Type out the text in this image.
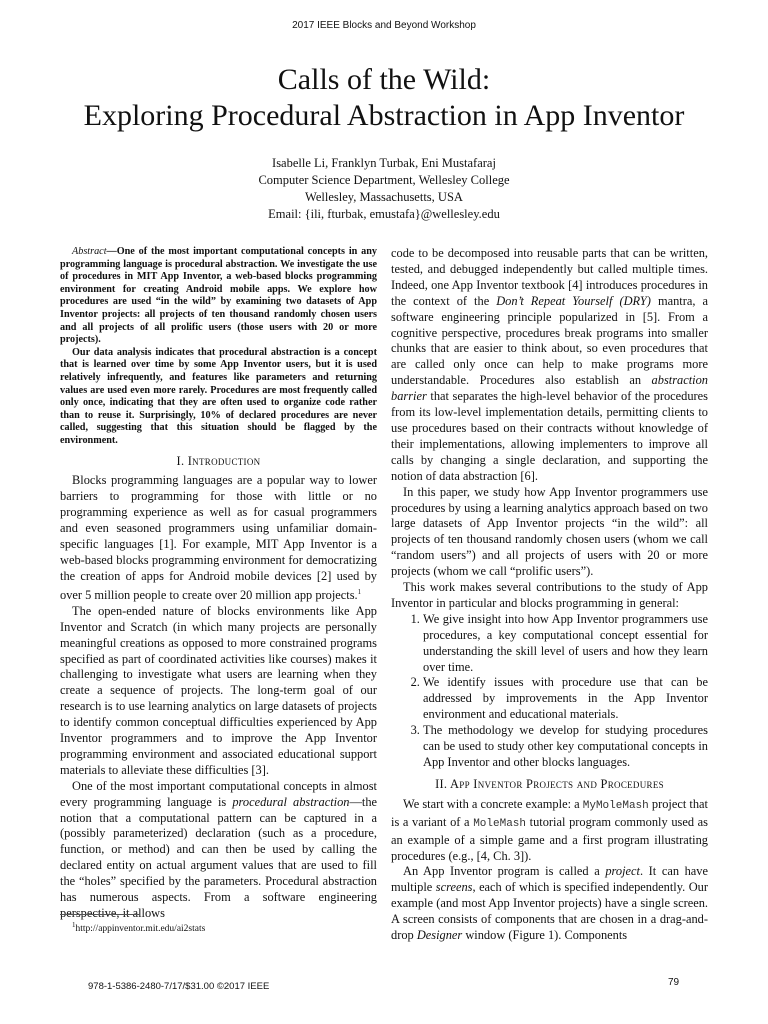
2017 IEEE Blocks and Beyond Workshop
Calls of the Wild:
Exploring Procedural Abstraction in App Inventor
Isabelle Li, Franklyn Turbak, Eni Mustafaraj
Computer Science Department, Wellesley College
Wellesley, Massachusetts, USA
Email: {ili, fturbak, emustafa}@wellesley.edu

Abstract—One of the most important computational concepts in any programming language is procedural abstraction. We investigate the use of procedures in MIT App Inventor, a web-based blocks programming environment for creating Android mobile apps. We explore how procedures are used “in the wild” by examining two datasets of App Inventor projects: all projects of ten thousand randomly chosen users and all projects of all prolific users (those users with 20 or more projects).

Our data analysis indicates that procedural abstraction is a concept that is learned over time by some App Inventor users, but it is used relatively infrequently, and features like parameters and returning values are used even more rarely. Procedures are most frequently called only once, indicating that they are often used to organize code rather than to reuse it. Surprisingly, 10% of declared procedures are never called, suggesting that this situation should be flagged by the environment.

I. Introduction

Blocks programming languages are a popular way to lower barriers to programming for those with little or no programming experience as well as for casual programmers and even seasoned programmers using unfamiliar domain-specific languages [1]. For example, MIT App Inventor is a web-based blocks programming environment for democratizing the creation of apps for Android mobile devices [2] used by over 5 million people to create over 20 million app projects.$^1$

The open-ended nature of blocks environments like App Inventor and Scratch (in which many projects are personally meaningful creations as opposed to more constrained programs specified as part of coordinated activities like courses) makes it challenging to investigate what users are learning when they create a sequence of projects. The long-term goal of our research is to use learning analytics on large datasets of projects to identify common conceptual difficulties experienced by App Inventor programmers and to improve the App Inventor programming environment and associated educational support materials to alleviate these difficulties [3].

One of the most important computational concepts in almost every programming language is procedural abstraction—the notion that a computational pattern can be captured in a (possibly parameterized) declaration (such as a procedure, function, or method) and can then be used by calling the declared entity on actual argument values that are used to fill the “holes” specified by the parameters. Procedural abstraction has numerous aspects. From a software engineering perspective, it allows

$^1$http://appinventor.mit.edu/ai2stats

code to be decomposed into reusable parts that can be written, tested, and debugged independently but called multiple times. Indeed, one App Inventor textbook [4] introduces procedures in the context of the Don’t Repeat Yourself (DRY) mantra, a software engineering principle popularized in [5]. From a cognitive perspective, procedures break programs into smaller chunks that are easier to think about, so even procedures that are called only once can help to make programs more understandable. Procedures also establish an abstraction barrier that separates the high-level behavior of the procedures from its low-level implementation details, permitting clients to use procedures based on their contracts without knowledge of their implementations, allowing implementers to improve all calls by changing a single declaration, and supporting the notion of data abstraction [6].

In this paper, we study how App Inventor programmers use procedures by using a learning analytics approach based on two large datasets of App Inventor projects “in the wild”: all projects of ten thousand randomly chosen users (whom we call “random users”) and all projects of users with 20 or more projects (whom we call “prolific users”).

This work makes several contributions to the study of App Inventor in particular and blocks programming in general:

1. We give insight into how App Inventor programmers use procedures, a key computational concept essential for understanding the skill level of users and how they learn over time.
2. We identify issues with procedure use that can be addressed by improvements in the App Inventor environment and educational materials.
3. The methodology we develop for studying procedures can be used to study other key computational concepts in App Inventor and other blocks languages.
II. App Inventor Projects and Procedures

We start with a concrete example: a MyMoleMash project that is a variant of a MoleMash tutorial program commonly used as an example of a simple game and a first program illustrating procedures (e.g., [4, Ch. 3]).

An App Inventor program is called a project. It can have multiple screens, each of which is specified independently. Our example (and most App Inventor projects) have a single screen. A screen consists of components that are chosen in a drag-and-drop Designer window (Figure 1). Components

978-1-5386-2480-7/17/$31.00 ©2017 IEEE	79
